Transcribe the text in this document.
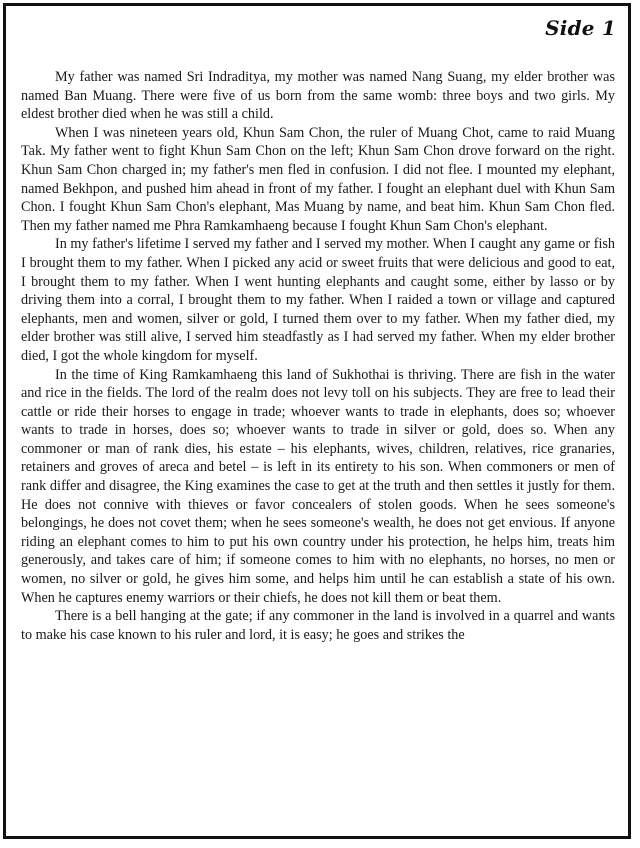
Side 1

My father was named Sri Indraditya, my mother was named Nang Suang, my elder brother was named Ban Muang. There were five of us born from the same womb: three boys and two girls. My eldest brother died when he was still a child.

When I was nineteen years old, Khun Sam Chon, the ruler of Muang Chot, came to raid Muang Tak. My father went to fight Khun Sam Chon on the left; Khun Sam Chon drove forward on the right. Khun Sam Chon charged in; my father's men fled in confusion. I did not flee. I mounted my elephant, named Bekhpon, and pushed him ahead in front of my father. I fought an elephant duel with Khun Sam Chon. I fought Khun Sam Chon's elephant, Mas Muang by name, and beat him. Khun Sam Chon fled. Then my father named me Phra Ramkamhaeng because I fought Khun Sam Chon's elephant.

In my father's lifetime I served my father and I served my mother. When I caught any game or fish I brought them to my father. When I picked any acid or sweet fruits that were delicious and good to eat, I brought them to my father. When I went hunting elephants and caught some, either by lasso or by driving them into a corral, I brought them to my father. When I raided a town or village and captured elephants, men and women, silver or gold, I turned them over to my father. When my father died, my elder brother was still alive, I served him steadfastly as I had served my father. When my elder brother died, I got the whole kingdom for myself.

In the time of King Ramkamhaeng this land of Sukhothai is thriving. There are fish in the water and rice in the fields. The lord of the realm does not levy toll on his subjects. They are free to lead their cattle or ride their horses to engage in trade; whoever wants to trade in elephants, does so; whoever wants to trade in horses, does so; whoever wants to trade in silver or gold, does so. When any commoner or man of rank dies, his estate – his elephants, wives, children, relatives, rice granaries, retainers and groves of areca and betel – is left in its entirety to his son. When commoners or men of rank differ and disagree, the King examines the case to get at the truth and then settles it justly for them. He does not connive with thieves or favor concealers of stolen goods. When he sees someone's belongings, he does not covet them; when he sees someone's wealth, he does not get envious. If anyone riding an elephant comes to him to put his own country under his protection, he helps him, treats him generously, and takes care of him; if someone comes to him with no elephants, no horses, no men or women, no silver or gold, he gives him some, and helps him until he can establish a state of his own. When he captures enemy warriors or their chiefs, he does not kill them or beat them.

There is a bell hanging at the gate; if any commoner in the land is involved in a quarrel and wants to make his case known to his ruler and lord, it is easy; he goes and strikes the
